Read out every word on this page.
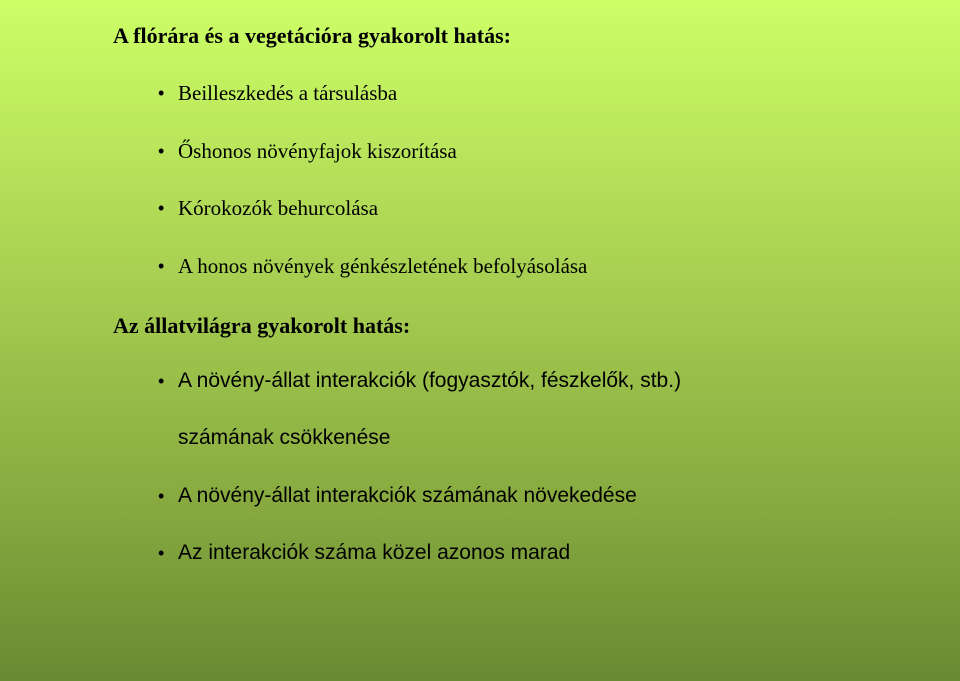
A flórára és a vegetációra gyakorolt hatás:
• Beilleszkedés a társulásba
• Őshonos növényfajok kiszorítása
• Kórokozók behurcolása
• A honos növények génkészletének befolyásolása
Az állatvilágra gyakorolt hatás:
• A növény-állat interakciók (fogyasztók, fészkelők, stb.)
számának csökkenése
• A növény-állat interakciók számának növekedése
• Az interakciók száma közel azonos marad
